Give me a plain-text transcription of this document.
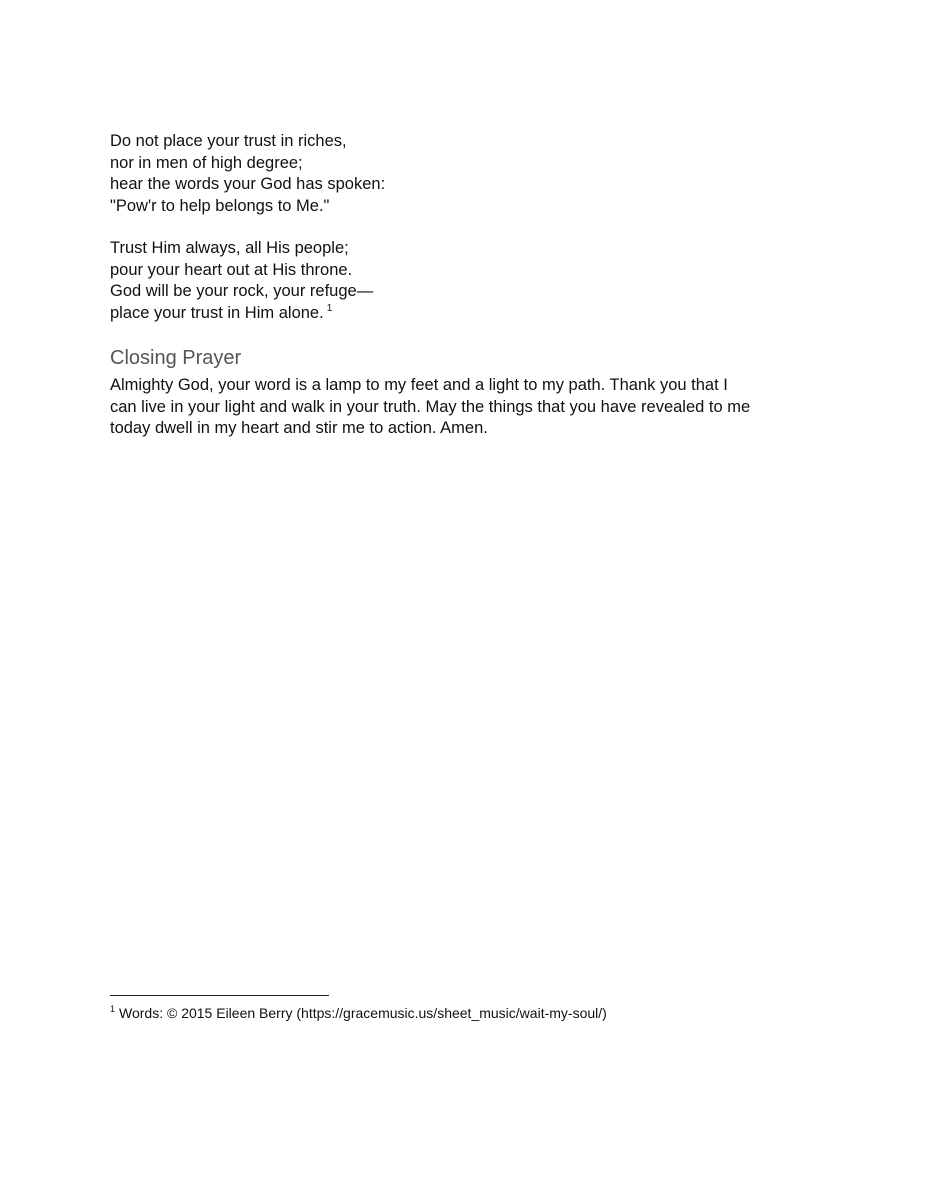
Do not place your trust in riches,
nor in men of high degree;
hear the words your God has spoken:
"Pow'r to help belongs to Me."
Trust Him always, all His people;
pour your heart out at His throne.
God will be your rock, your refuge—
place your trust in Him alone. $^1$
Closing Prayer

Almighty God, your word is a lamp to my feet and a light to my path. Thank you that I
can live in your light and walk in your truth. May the things that you have revealed to me
today dwell in my heart and stir me to action. Amen.

$^1$ Words: © 2015 Eileen Berry (https://gracemusic.us/sheet_music/wait-my-soul/)
